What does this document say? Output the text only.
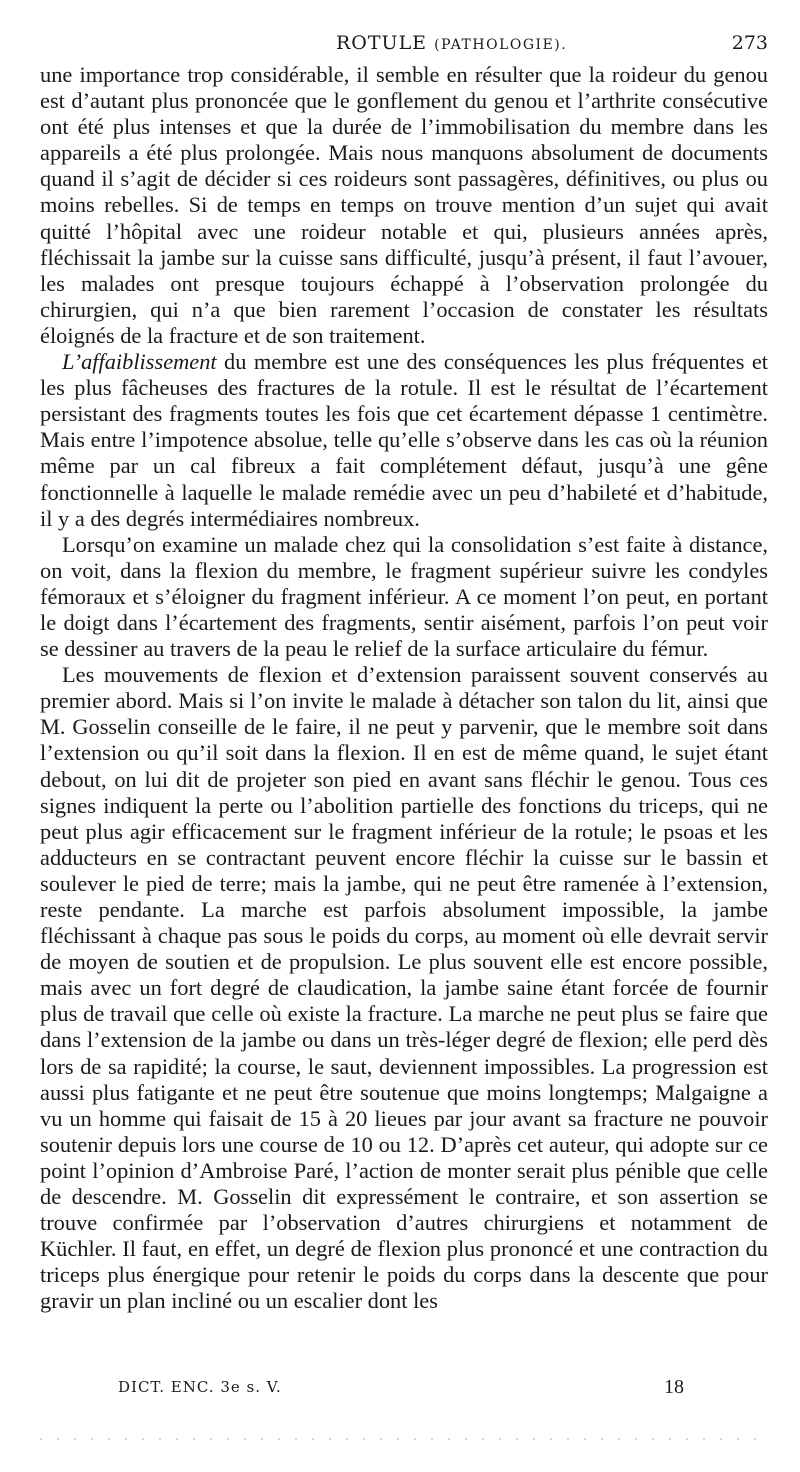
ROTULE (PATHOLOGIE).	273

une importance trop considérable, il semble en résulter que la roideur du genou est d’autant plus prononcée que le gonflement du genou et l’arthrite consécutive ont été plus intenses et que la durée de l’immobilisation du membre dans les appareils a été plus prolongée. Mais nous manquons absolument de documents quand il s’agit de décider si ces roideurs sont passagères, définitives, ou plus ou moins rebelles. Si de temps en temps on trouve mention d’un sujet qui avait quitté l’hôpital avec une roideur notable et qui, plusieurs années après, fléchissait la jambe sur la cuisse sans difficulté, jusqu’à présent, il faut l’avouer, les malades ont presque toujours échappé à l’observation prolongée du chirurgien, qui n’a que bien rarement l’occasion de constater les résultats éloignés de la fracture et de son traitement.

L’affaiblissement du membre est une des conséquences les plus fréquentes et les plus fâcheuses des fractures de la rotule. Il est le résultat de l’écartement persistant des fragments toutes les fois que cet écartement dépasse 1 centimètre. Mais entre l’impotence absolue, telle qu’elle s’observe dans les cas où la réunion même par un cal fibreux a fait complétement défaut, jusqu’à une gêne fonctionnelle à laquelle le malade remédie avec un peu d’habileté et d’habitude, il y a des degrés intermédiaires nombreux.

Lorsqu’on examine un malade chez qui la consolidation s’est faite à distance, on voit, dans la flexion du membre, le fragment supérieur suivre les condyles fémoraux et s’éloigner du fragment inférieur. A ce moment l’on peut, en portant le doigt dans l’écartement des fragments, sentir aisément, parfois l’on peut voir se dessiner au travers de la peau le relief de la surface articulaire du fémur.

Les mouvements de flexion et d’extension paraissent souvent conservés au premier abord. Mais si l’on invite le malade à détacher son talon du lit, ainsi que M. Gosselin conseille de le faire, il ne peut y parvenir, que le membre soit dans l’extension ou qu’il soit dans la flexion. Il en est de même quand, le sujet étant debout, on lui dit de projeter son pied en avant sans fléchir le genou. Tous ces signes indiquent la perte ou l’abolition partielle des fonctions du triceps, qui ne peut plus agir efficacement sur le fragment inférieur de la rotule; le psoas et les adducteurs en se contractant peuvent encore fléchir la cuisse sur le bassin et soulever le pied de terre; mais la jambe, qui ne peut être ramenée à l’extension, reste pendante. La marche est parfois absolument impossible, la jambe fléchissant à chaque pas sous le poids du corps, au moment où elle devrait servir de moyen de soutien et de propulsion. Le plus souvent elle est encore possible, mais avec un fort degré de claudication, la jambe saine étant forcée de fournir plus de travail que celle où existe la fracture. La marche ne peut plus se faire que dans l’extension de la jambe ou dans un très-léger degré de flexion; elle perd dès lors de sa rapidité; la course, le saut, deviennent impossibles. La progression est aussi plus fatigante et ne peut être soutenue que moins longtemps; Malgaigne a vu un homme qui faisait de 15 à 20 lieues par jour avant sa fracture ne pouvoir soutenir depuis lors une course de 10 ou 12. D’après cet auteur, qui adopte sur ce point l’opinion d’Ambroise Paré, l’action de monter serait plus pénible que celle de descendre. M. Gosselin dit expressément le contraire, et son assertion se trouve confirmée par l’observation d’autres chirurgiens et notamment de Küchler. Il faut, en effet, un degré de flexion plus prononcé et une contraction du triceps plus énergique pour retenir le poids du corps dans la descente que pour gravir un plan incliné ou un escalier dont les

DICT. ENC. 3e s. V.	18
